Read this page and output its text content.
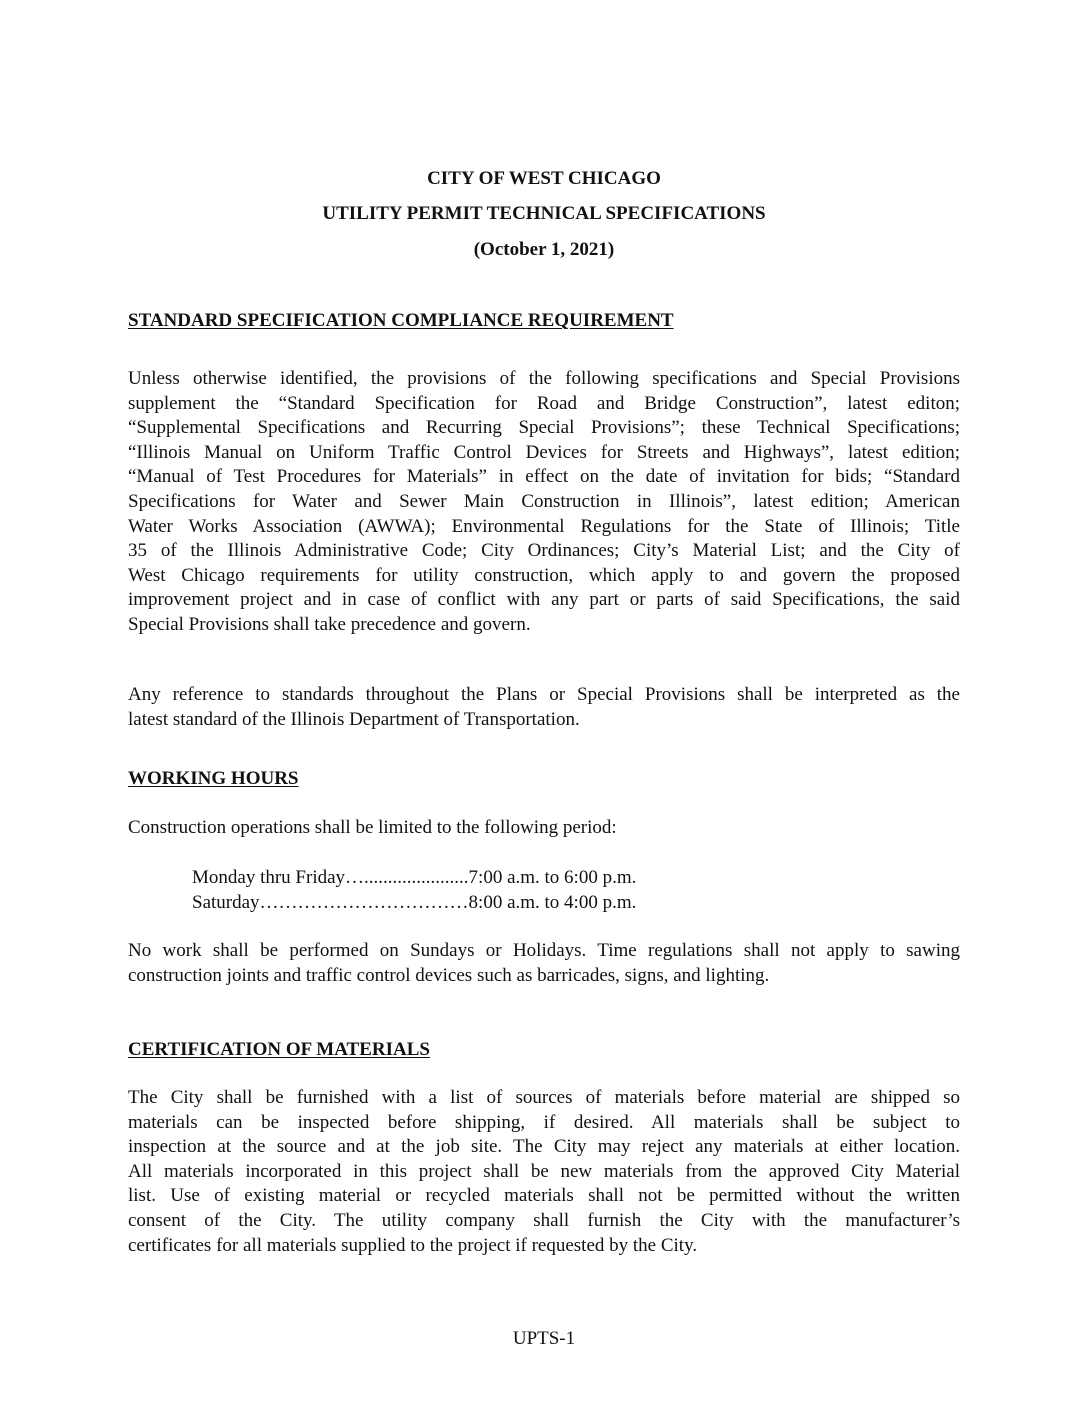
CITY OF WEST CHICAGO
UTILITY PERMIT TECHNICAL SPECIFICATIONS
(October 1, 2021)
STANDARD SPECIFICATION COMPLIANCE REQUIREMENT
Unless otherwise identified, the provisions of the following specifications and Special Provisions
supplement the “Standard Specification for Road and Bridge Construction”, latest editon;
“Supplemental Specifications and Recurring Special Provisions”; these Technical Specifications;
“Illinois Manual on Uniform Traffic Control Devices for Streets and Highways”, latest edition;
“Manual of Test Procedures for Materials” in effect on the date of invitation for bids; “Standard
Specifications for Water and Sewer Main Construction in Illinois”, latest edition; American
Water Works Association (AWWA); Environmental Regulations for the State of Illinois; Title
35 of the Illinois Administrative Code; City Ordinances; City’s Material List; and the City of
West Chicago requirements for utility construction, which apply to and govern the proposed
improvement project and in case of conflict with any part or parts of said Specifications, the said
Special Provisions shall take precedence and govern.
Any reference to standards throughout the Plans or Special Provisions shall be interpreted as the
latest standard of the Illinois Department of Transportation.
WORKING HOURS
Construction operations shall be limited to the following period:
Monday thru Friday…......................7:00 a.m. to 6:00 p.m.
Saturday……………………………8:00 a.m. to 4:00 p.m.
No work shall be performed on Sundays or Holidays. Time regulations shall not apply to sawing
construction joints and traffic control devices such as barricades, signs, and lighting.
CERTIFICATION OF MATERIALS
The City shall be furnished with a list of sources of materials before material are shipped so
materials can be inspected before shipping, if desired. All materials shall be subject to
inspection at the source and at the job site. The City may reject any materials at either location.
All materials incorporated in this project shall be new materials from the approved City Material
list. Use of existing material or recycled materials shall not be permitted without the written
consent of the City. The utility company shall furnish the City with the manufacturer’s
certificates for all materials supplied to the project if requested by the City.
UPTS-1
